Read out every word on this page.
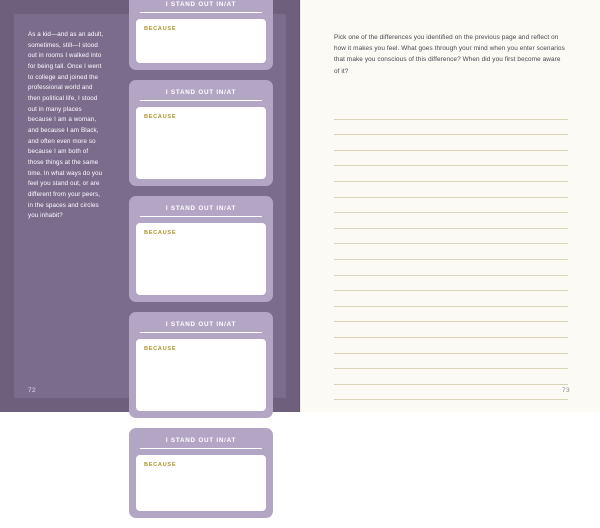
As a kid—and as an adult, sometimes, still—I stood out in rooms I walked into for being tall. Once I went to college and joined the professional world and then political life, I stood out in many places because I am a woman, and because I am Black, and often even more so because I am both of those things at the same time. In what ways do you feel you stand out, or are different from your peers, in the spaces and circles you inhabit?
I STAND OUT IN/AT
BECAUSE
I STAND OUT IN/AT
BECAUSE
I STAND OUT IN/AT
BECAUSE
I STAND OUT IN/AT
BECAUSE
I STAND OUT IN/AT
BECAUSE
72
Pick one of the differences you identified on the previous page and reflect on how it makes you feel. What goes through your mind when you enter scenarios that make you conscious of this difference? When did you first become aware of it?
73
